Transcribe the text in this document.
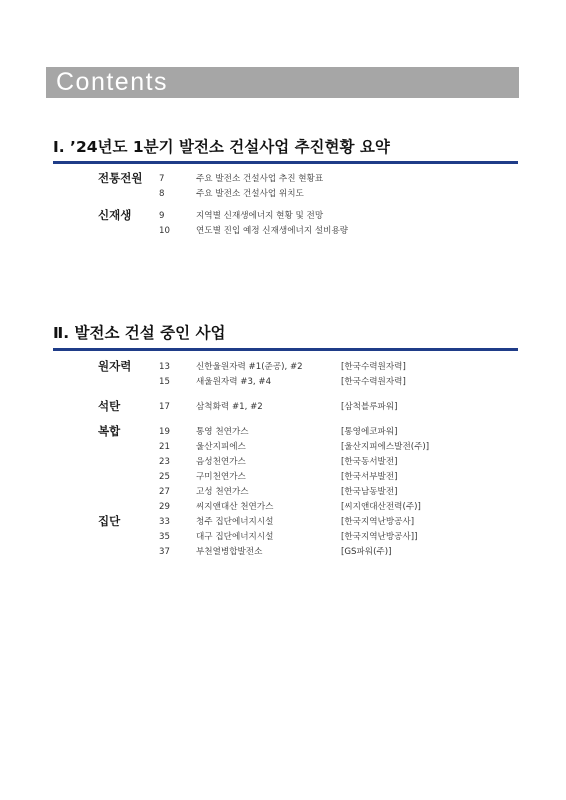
Contents
Ⅰ. ’24년도 1분기 발전소 건설사업 추진현황 요약
전통전원 7	주요 발전소 건설사업 추진 현황표
8	주요 발전소 건설사업 위치도
신재생	9	지역별 신재생에너지 현황 및 전망
10	연도별 진입 예정 신재생에너지 설비용량
Ⅱ. 발전소 건설 중인 사업
원자력	13	신한울원자력 #1(준공), #2	[한국수력원자력]
15	새울원자력 #3, #4	[한국수력원자력]
석탄	17	삼척화력 #1, #2	[삼척블루파워]
복합	19	통영 천연가스	[통영에코파워]
21	울산지피에스	[울산지피에스발전(주)]
23	음성천연가스	[한국동서발전]
25	구미천연가스	[한국서부발전]
27	고성 천연가스	[한국남동발전]
29	씨지앤대산 천연가스	[씨지앤대산전력(주)]
집단	33	청주 집단에너지시설	[한국지역난방공사]
35	대구 집단에너지시설	[한국지역난방공사]]
37	부천열병합발전소	[GS파워(주)]
